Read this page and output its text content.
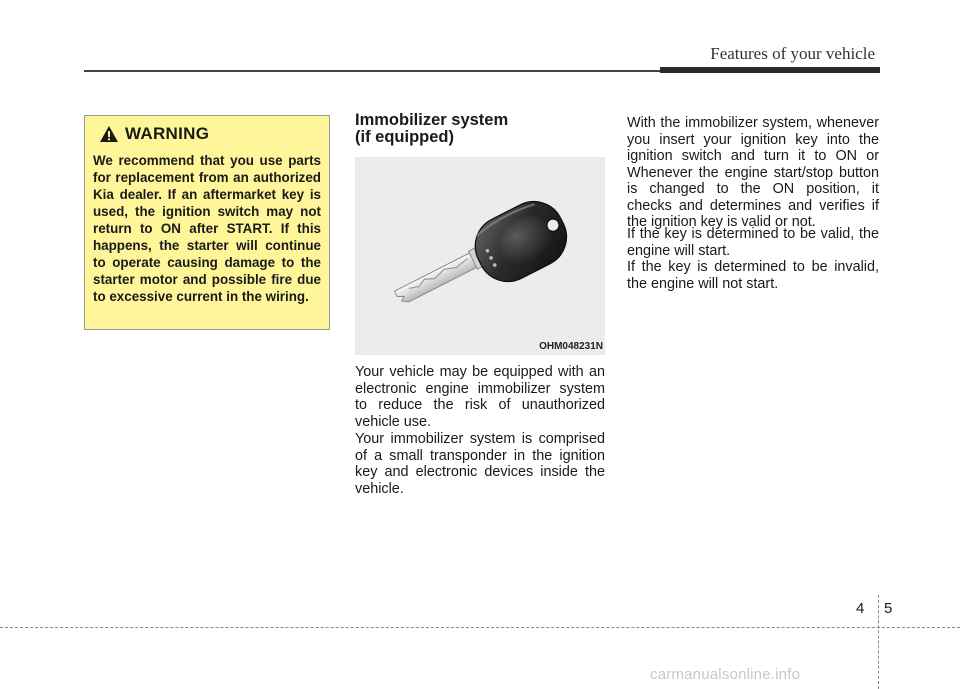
Features of your vehicle
WARNING
We recommend that you use parts for replacement from an authorized Kia dealer. If an aftermarket key is used, the ignition switch may not return to ON after START. If this happens, the starter will continue to operate causing damage to the starter motor and possible fire due to excessive current in the wiring.
Immobilizer system
(if equipped)
OHM048231N

Your vehicle may be equipped with an electronic engine immobilizer system to reduce the risk of unauthorized vehicle use.

Your immobilizer system is comprised of a small transponder in the ignition key and electronic devices inside the vehicle.

With the immobilizer system, whenever you insert your ignition key into the ignition switch and turn it to ON or Whenever the engine start/stop button is changed to the ON position, it checks and determines and verifies if the ignition key is valid or not.

If the key is determined to be valid, the engine will start.

If the key is determined to be invalid, the engine will not start.

4 5
carmanualsonline.info
